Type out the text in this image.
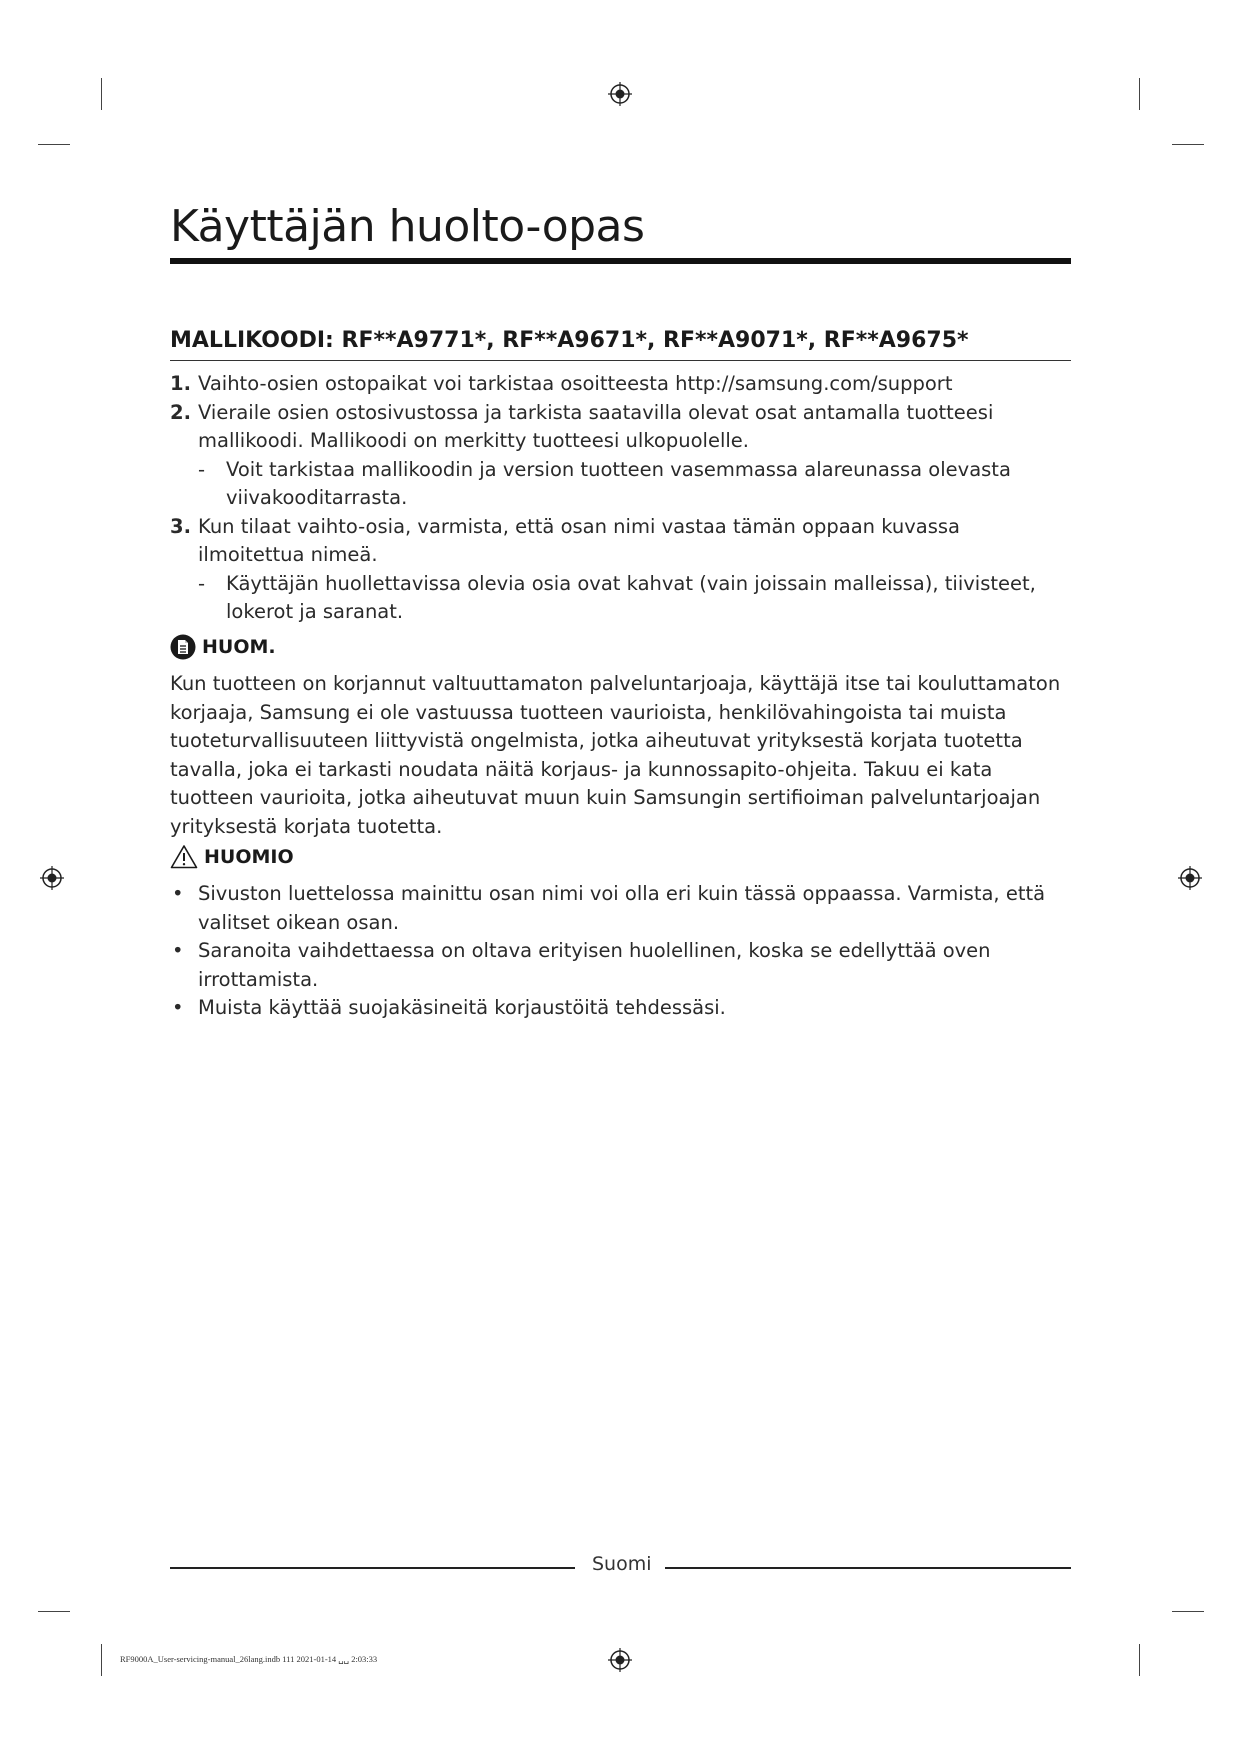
Käyttäjän huolto-opas
MALLIKOODI: RF**A9771*, RF**A9671*, RF**A9071*, RF**A9675*
1. Vaihto-osien ostopaikat voi tarkistaa osoitteesta http://samsung.com/support
2. Vieraile osien ostosivustossa ja tarkista saatavilla olevat osat antamalla tuotteesi mallikoodi. Mallikoodi on merkitty tuotteesi ulkopuolelle.
- Voit tarkistaa mallikoodin ja version tuotteen vasemmassa alareunassa olevasta viivakooditarrasta.
3. Kun tilaat vaihto-osia, varmista, että osan nimi vastaa tämän oppaan kuvassa ilmoitettua nimeä.
- Käyttäjän huollettavissa olevia osia ovat kahvat (vain joissain malleissa), tiivisteet, lokerot ja saranat.
HUOM.

Kun tuotteen on korjannut valtuuttamaton palveluntarjoaja, käyttäjä itse tai kouluttamaton korjaaja, Samsung ei ole vastuussa tuotteen vaurioista, henkilövahingoista tai muista tuoteturvallisuuteen liittyvistä ongelmista, jotka aiheutuvat yrityksestä korjata tuotetta tavalla, joka ei tarkasti noudata näitä korjaus- ja kunnossapito-ohjeita. Takuu ei kata tuotteen vaurioita, jotka aiheutuvat muun kuin Samsungin sertifioiman palveluntarjoajan yrityksestä korjata tuotetta.

HUOMIO
• Sivuston luettelossa mainittu osan nimi voi olla eri kuin tässä oppaassa. Varmista, että valitset oikean osan.
• Saranoita vaihdettaessa on oltava erityisen huolellinen, koska se edellyttää oven irrottamista.
• Muista käyttää suojakäsineitä korjaustöitä tehdessäsi.
Suomi
RF9000A_User-servicing-manual_26lang.indb 111 2021-01-14 ␣␣ 2:03:33
